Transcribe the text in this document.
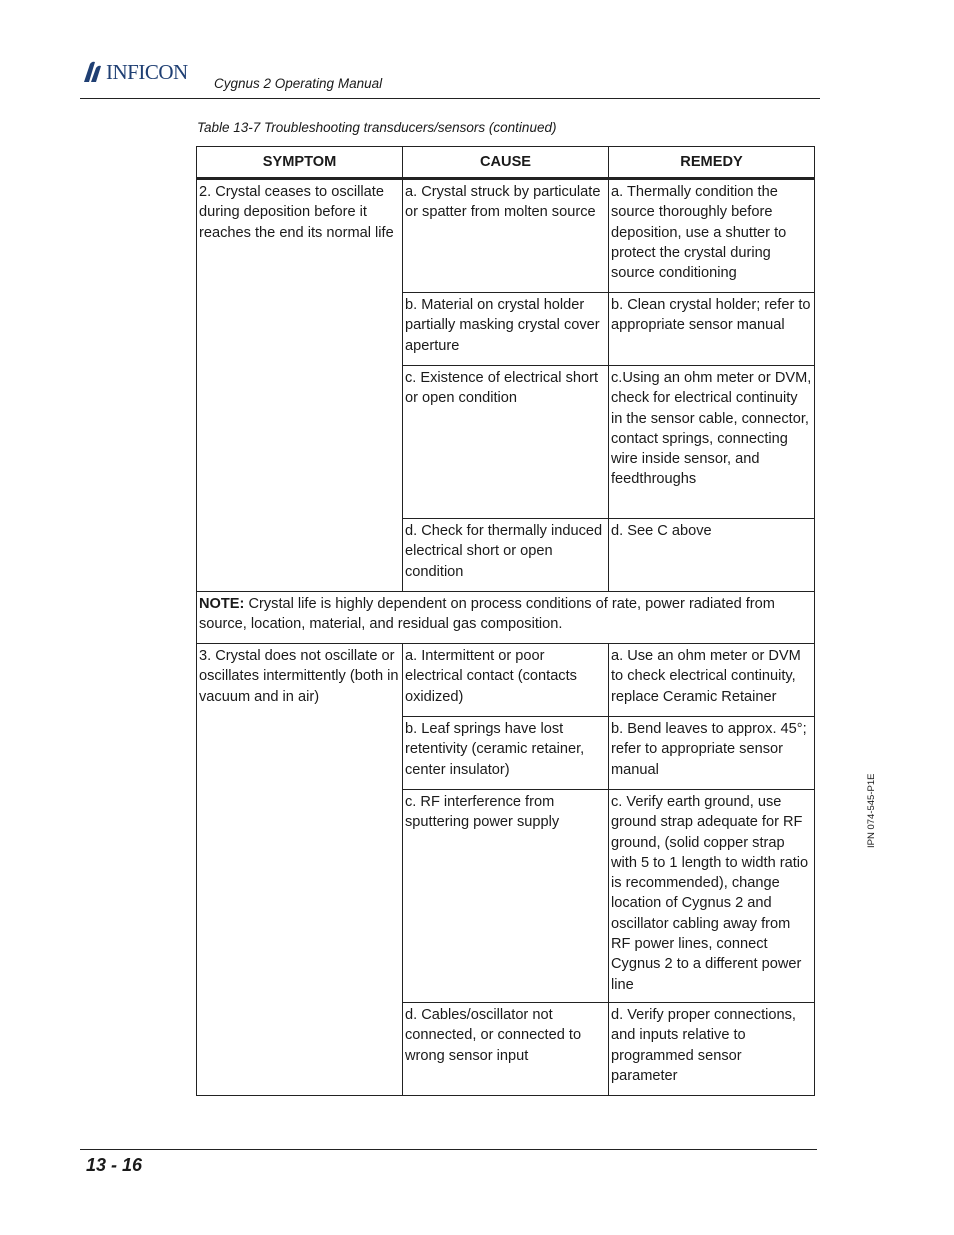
INFICON Cygnus 2 Operating Manual
Table 13-7 Troubleshooting transducers/sensors (continued)
SYMPTOM	CAUSE	REMEDY
2. Crystal ceases to oscillate during deposition before it reaches the end its normal life	a. Crystal struck by particulate or spatter from molten source	a. Thermally condition the source thoroughly before deposition, use a shutter to protect the crystal during source conditioning
	b. Material on crystal holder partially masking crystal cover aperture	b. Clean crystal holder; refer to appropriate sensor manual
	c. Existence of electrical short or open condition	c.Using an ohm meter or DVM, check for electrical continuity in the sensor cable, connector, contact springs, connecting wire inside sensor, and feedthroughs
	d. Check for thermally induced electrical short or open condition	d. See C above
NOTE: Crystal life is highly dependent on process conditions of rate, power radiated from source, location, material, and residual gas composition.		
3. Crystal does not oscillate or oscillates intermittently (both in vacuum and in air)	a. Intermittent or poor electrical contact (contacts oxidized)	a. Use an ohm meter or DVM to check electrical continuity, replace Ceramic Retainer
	b. Leaf springs have lost retentivity (ceramic retainer, center insulator)	b. Bend leaves to approx. 45°; refer to appropriate sensor manual
	c. RF interference from sputtering power supply	c. Verify earth ground, use ground strap adequate for RF ground, (solid copper strap with 5 to 1 length to width ratio is recommended), change location of Cygnus 2 and oscillator cabling away from RF power lines, connect Cygnus 2 to a different power line
	d. Cables/oscillator not connected, or connected to wrong sensor input	d. Verify proper connections, and inputs relative to programmed sensor parameter
IPN 074-545-P1E
13 - 16
